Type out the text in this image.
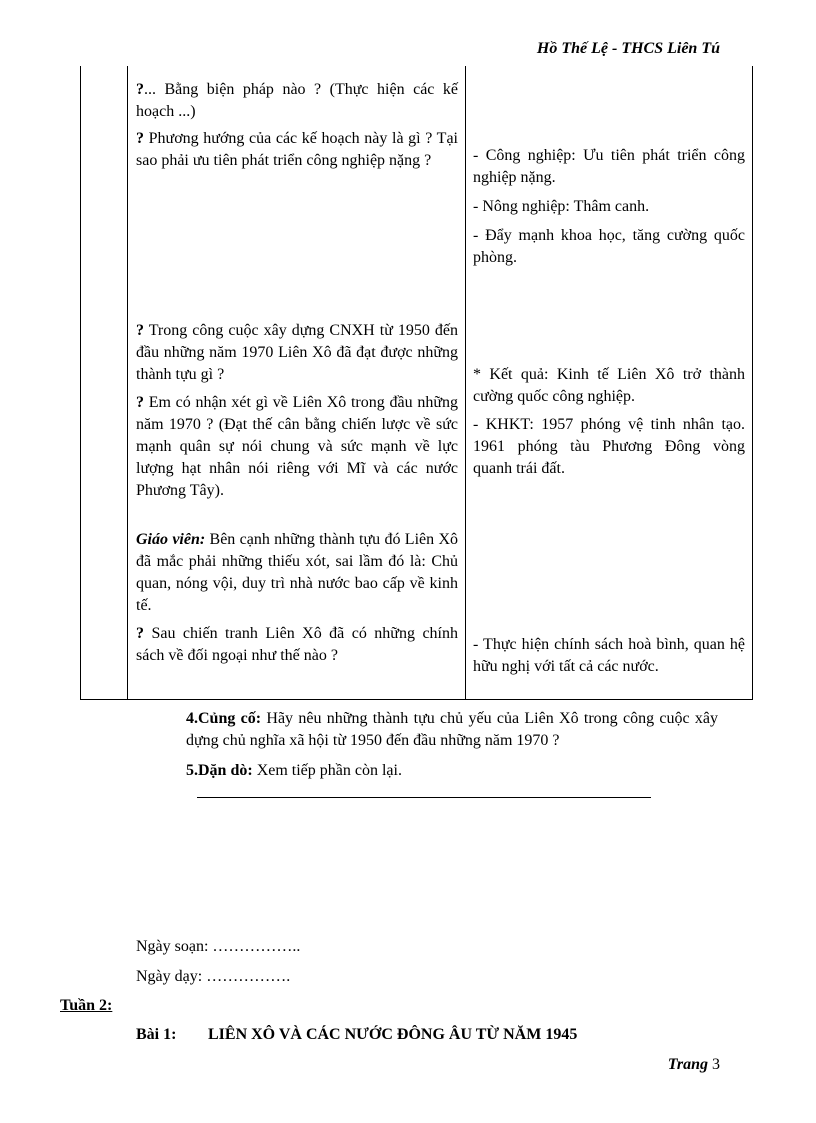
Hồ Thế Lệ - THCS Liên Tú

?... Bằng biện pháp nào ? (Thực hiện các kế hoạch ...)

? Phương hướng của các kế hoạch này là gì ? Tại sao phải ưu tiên phát triển công nghiệp nặng ?

? Trong công cuộc xây dựng CNXH từ 1950 đến đầu những năm 1970 Liên Xô đã đạt được những thành tựu gì ?

? Em có nhận xét gì về Liên Xô trong đầu những năm 1970 ? (Đạt thế cân bằng chiến lược về sức mạnh quân sự nói chung và sức mạnh về lực lượng hạt nhân nói riêng với Mĩ và các nước Phương Tây).

Giáo viên: Bên cạnh những thành tựu đó Liên Xô đã mắc phải những thiếu xót, sai lầm đó là: Chủ quan, nóng vội, duy trì nhà nước bao cấp về kinh tế.

? Sau chiến tranh Liên Xô đã có những chính sách về đối ngoại như thế nào ?

- Công nghiệp: Ưu tiên phát triển công nghiệp nặng.
- Nông nghiệp: Thâm canh.
- Đẩy mạnh khoa học, tăng cường quốc phòng.
* Kết quả: Kinh tế Liên Xô trở thành cường quốc công nghiệp.
- KHKT: 1957 phóng vệ tinh nhân tạo. 1961 phóng tàu Phương Đông vòng quanh trái đất.
- Thực hiện chính sách hoà bình, quan hệ hữu nghị với tất cả các nước.
4.Củng cố: Hãy nêu những thành tựu chủ yếu của Liên Xô trong công cuộc xây dựng chủ nghĩa xã hội từ 1950 đến đầu những năm 1970 ?
5.Dặn dò: Xem tiếp phần còn lại.
Ngày soạn: ……………..
Ngày dạy: …………….
Tuần 2:
Bài 1: LIÊN XÔ VÀ CÁC NƯỚC ĐÔNG ÂU TỪ NĂM 1945
Trang 3
